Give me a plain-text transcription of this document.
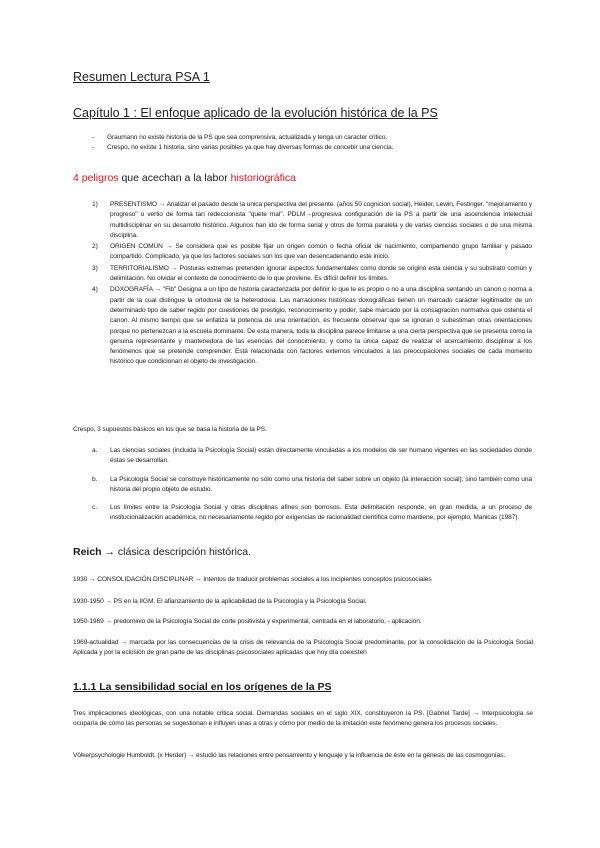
Resumen Lectura PSA 1
Capítulo 1 : El enfoque aplicado de la evolución histórica de la PS
- Graumann no existe historia de la PS que sea comprensiva, actualizada y tenga un caracter critico.
- Crespo, no existe 1 historia, sino varias posibles ya que hay diversas formas de concebir una ciencia.
4 peligros que acechan a la labor historiográfica
1) PRESENTISMO → Analizar el pasado desde la unica perspectiva del presente. (años 50 cognicion social), Heider, Lewin, Festinger. "mejoramiento y progreso" o vertio de forma tan redeccionista "quete mal". PDLM→progresiva configuración de la PS a partir de una ascendencia intelectual multidisciplinar en su desarrollo histórico. Algunos han ido de forma serial y otros de forma paralela y de varias ciencias sociales o de una misma disciplina.
2) ORIGEN COMÚN → Se considera que es posible fijar un origen común o fecha oficial de nacimiento, compartiendo grupo familiar y pasado compartido. Complicado, ya que los factores sociales son los que van desencadenando este inicio.
3) TERRITORIALISMO → Posturas extremas pretenden ignorar aspectos fundamentales como donde se originó esta ciencia y su substrato común y delimitación. No olvidar el contexto de conocimiento de lo que proviene. Es difícil definir los límites.
4) DOXOGRAFÍA → "Fib" Designa a un tipo de historia caracterizada por definir lo que le es propio o no a una disciplina sentando un canon o norma a partir de la cual distingue la ortodoxia de la heterodoxia. Las narraciones históricas doxográficas tienen un marcado carácter legitimador de un determinado tipo de saber regido por cuestiones de prestigio, reconocimiento y poder, sabe marcado por la consagración normativa que ostenta el canon. Al mismo tiempo que se enfatiza la potencia de una orientación, es frecuente observar que se ignoran o subestiman otras orientaciones porque no pertenezcan a la escuela dominante. De esta manera, toda la disciplina parece limitarse a una cierta perspectiva que se presenta como la genuina representante y mantenedora de las esencias del conocimiento, y como la única capaz de realizar el acercamiento disciplinar a los fenómenos que se pretende comprender. Está relacionada con factores externos vinculados a las preocupaciones sociales de cada momento histórico que condicionan el objeto de investigación.
Crespo, 3 supuestos básicos en los que se basa la historia de la PS.
a. Las ciencias sociales (incluida la Psicología Social) están directamente vinculadas a los modelos de ser humano vigentes en las sociedades donde éstas se desarrollan.
b. La Psicología Social se construye históricamente no sólo como una historia del saber sobre un objeto (la interacción social), sino también como una historia del propio objeto de estudio.
c. Los límites entre la Psicología Social y otras disciplinas afines son borrosos. Esta delimitación responde, en gran medida, a un proceso de institucionalización académica, no necesariamente regido por exigencias de racionalidad científica como mantiene, por ejemplo, Manicas (1987).
Reich → clásica descripción histórica.
1930 → CONSOLIDACIÓN DISCIPLINAR → Intentos de traducir problemas sociales a los incipientes conceptos psicosociales
1930-1950 → PS en la IIGM. El afianzamiento de la aplicabilidad de la Psicología y la Psicología Social.
1950-1969 → predominio de la Psicología Social de corte positivista y experimental, centrada en el laboratorio, - aplicación.
1969-actualidad → marcada por las consecuencias de la crisis de relevancia de la Psicología Social predominante, por la consolidación de la Psicología Social Aplicada y por la eclosión de gran parte de las disciplinas psicosociales aplicadas que hoy día coexisten
1.1.1 La sensibilidad social en los orígenes de la PS
Tres implicaciones ideológicas, con una notable critica social. Demandas sociales en el siglo XIX, constituyeron la PS. [Gabriel Tarde] → Interpsicología se ocuparía de cómo las personas se sugestionan e influyen unas a otras y cómo por medio de la imitación este fenómeno genera los procesos sociales.
Völkerpsychologie Humboldt, (x Herder) → estudió las relaciones entre pensamiento y lenguaje y la influencia de éste en la génesis de las cosmogonías.
